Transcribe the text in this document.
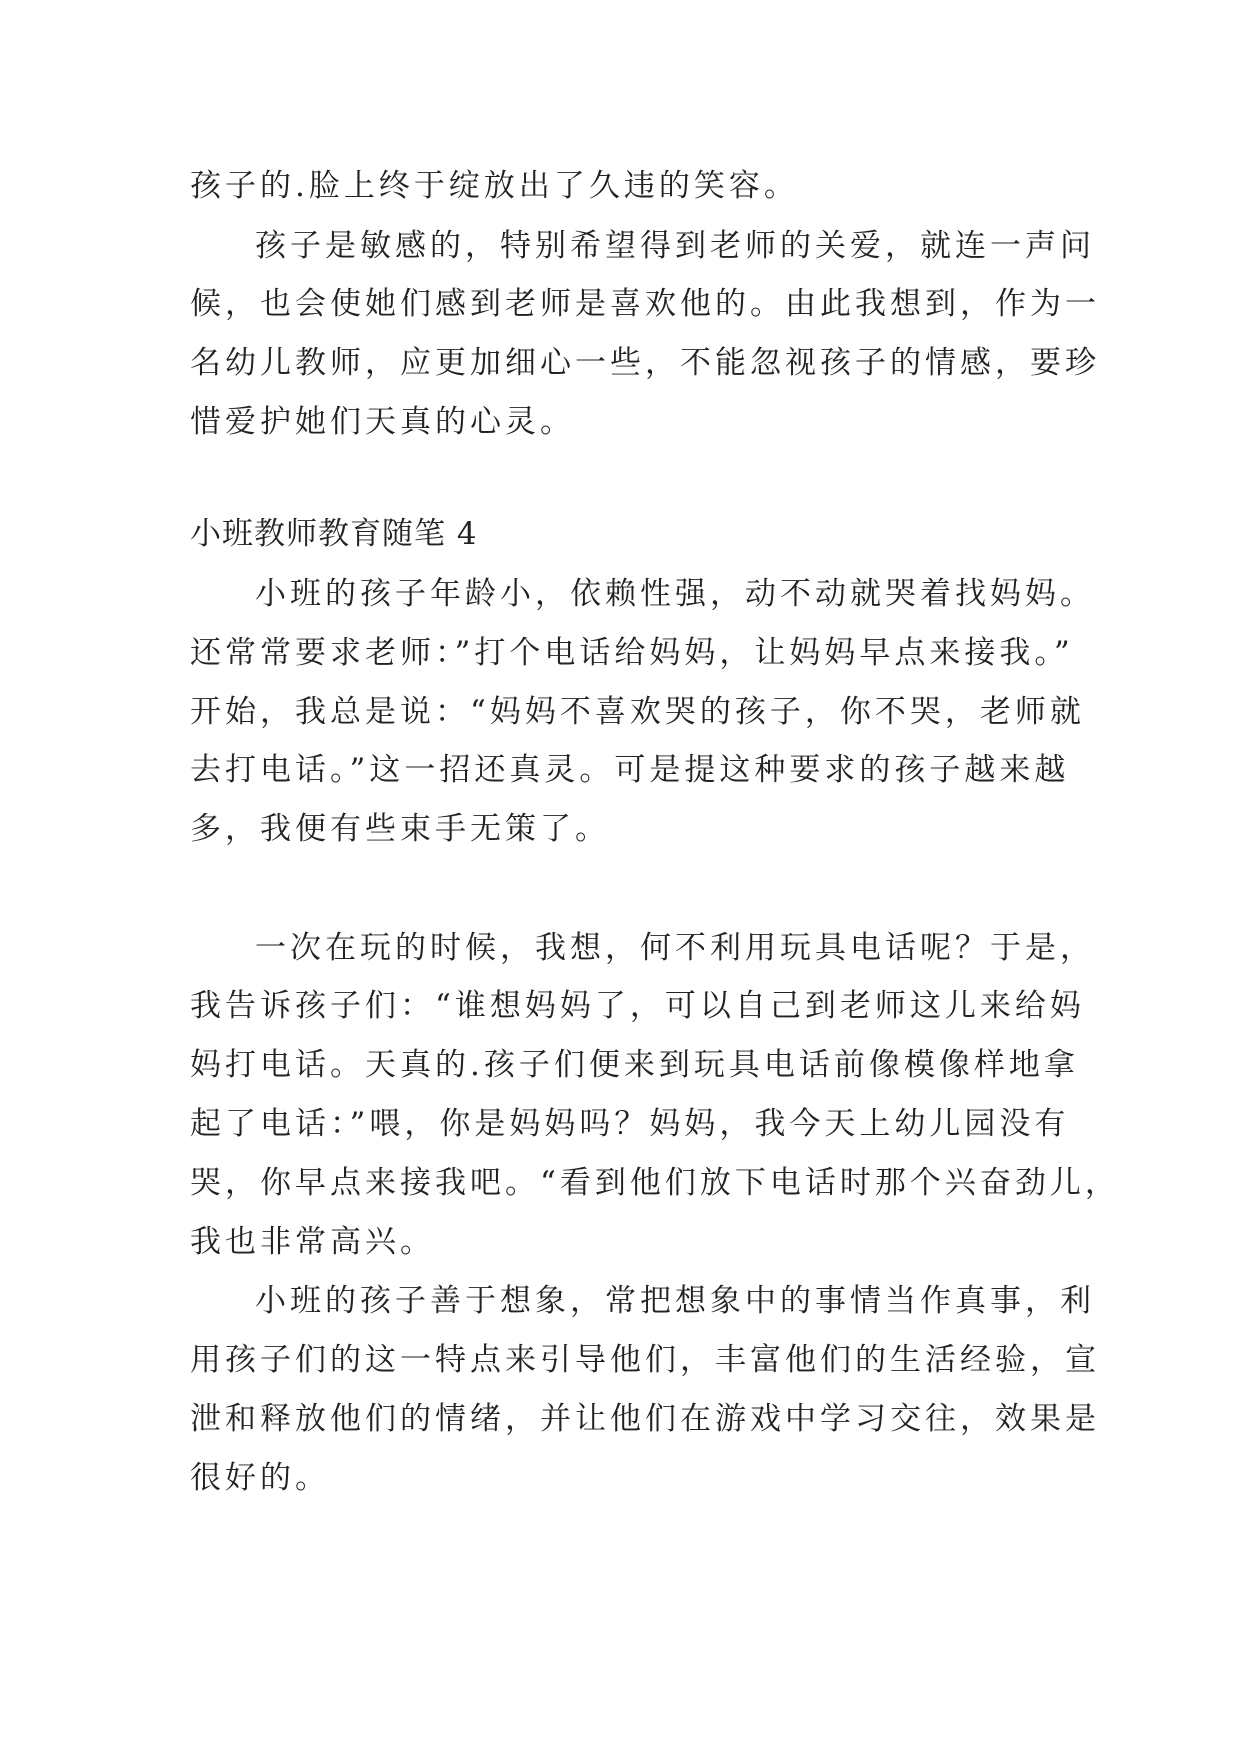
孩子的.脸上终于绽放出了久违的笑容。
孩子是敏感的，特别希望得到老师的关爱，就连一声问
候，也会使她们感到老师是喜欢他的。由此我想到，作为一
名幼儿教师，应更加细心一些，不能忽视孩子的情感，要珍
惜爱护她们天真的心灵。
小班教师教育随笔 4
小班的孩子年龄小，依赖性强，动不动就哭着找妈妈。
还常常要求老师：”打个电话给妈妈，让妈妈早点来接我。”
开始，我总是说：“妈妈不喜欢哭的孩子，你不哭，老师就
去打电话。”这一招还真灵。可是提这种要求的孩子越来越
多，我便有些束手无策了。
一次在玩的时候，我想，何不利用玩具电话呢？于是，
我告诉孩子们：“谁想妈妈了，可以自己到老师这儿来给妈
妈打电话。天真的.孩子们便来到玩具电话前像模像样地拿
起了电话：”喂，你是妈妈吗？妈妈，我今天上幼儿园没有
哭，你早点来接我吧。“看到他们放下电话时那个兴奋劲儿，
我也非常高兴。
小班的孩子善于想象，常把想象中的事情当作真事，利
用孩子们的这一特点来引导他们，丰富他们的生活经验，宣
泄和释放他们的情绪，并让他们在游戏中学习交往，效果是
很好的。
